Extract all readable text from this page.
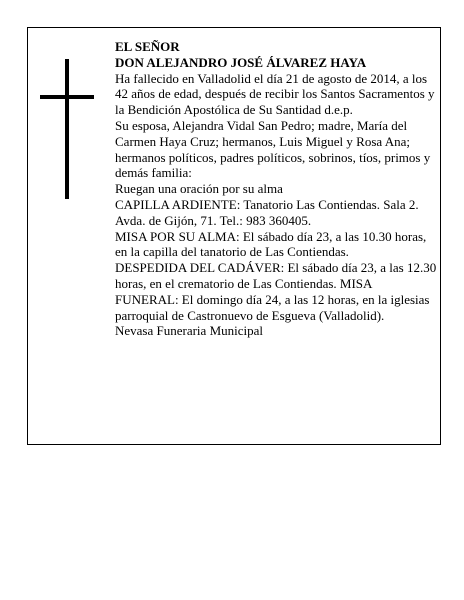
EL SEÑOR

DON ALEJANDRO JOSÉ ÁLVAREZ HAYA

Ha fallecido en Valladolid el día 21 de agosto de 2014, a los 42 años de edad, después de recibir los Santos Sacramentos y la Bendición Apostólica de Su Santidad d.e.p.

Su esposa, Alejandra Vidal San Pedro; madre, María del Carmen Haya Cruz; hermanos, Luis Miguel y Rosa Ana; hermanos políticos, padres políticos, sobrinos, tíos, primos y demás familia:

Ruegan una oración por su alma

CAPILLA ARDIENTE: Tanatorio Las Contiendas. Sala 2. Avda. de Gijón, 71. Tel.: 983 360405.

MISA POR SU ALMA: El sábado día 23, a las 10.30 horas, en la capilla del tanatorio de Las Contiendas.

DESPEDIDA DEL CADÁVER: El sábado día 23, a las 12.30 horas, en el crematorio de Las Contiendas. MISA FUNERAL: El domingo día 24, a las 12 horas, en la iglesias parroquial de Castronuevo de Esgueva (Valladolid).

Nevasa Funeraria Municipal
